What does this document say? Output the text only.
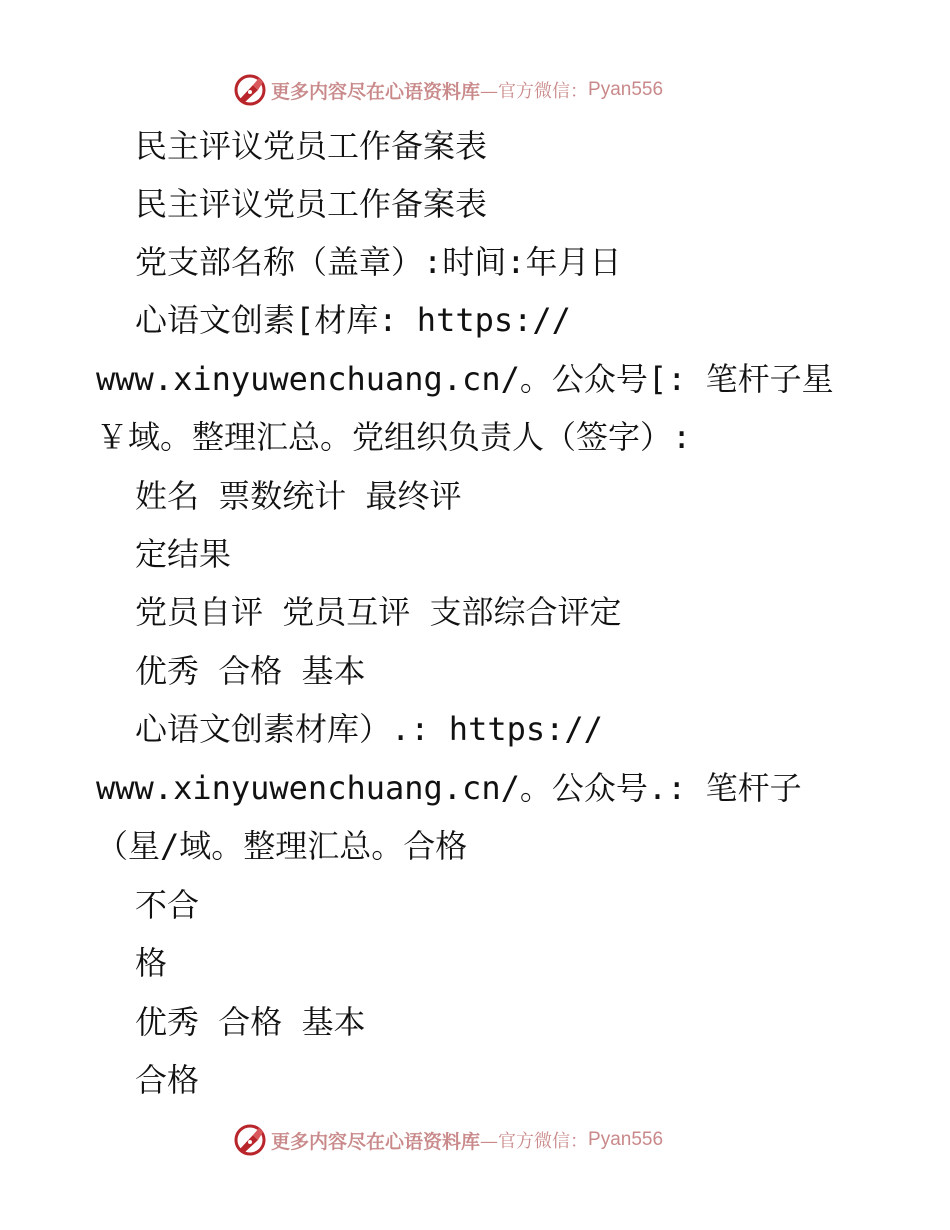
更多内容尽在心语资料库 —官方微信： Pyan556
民主评议党员工作备案表
民主评议党员工作备案表
党支部名称（盖章）:时间:年月日
心语文创素[材库: https://
www.xinyuwenchuang.cn/。公众号[: 笔杆子星
￥域。整理汇总。党组织负责人（签字）:
姓名 票数统计 最终评
定结果
党员自评 党员互评 支部综合评定
优秀 合格 基本
心语文创素材库）.: https://
www.xinyuwenchuang.cn/。公众号.: 笔杆子
（星/域。整理汇总。合格
不合
格
优秀 合格 基本
合格
更多内容尽在心语资料库 —官方微信： Pyan556
